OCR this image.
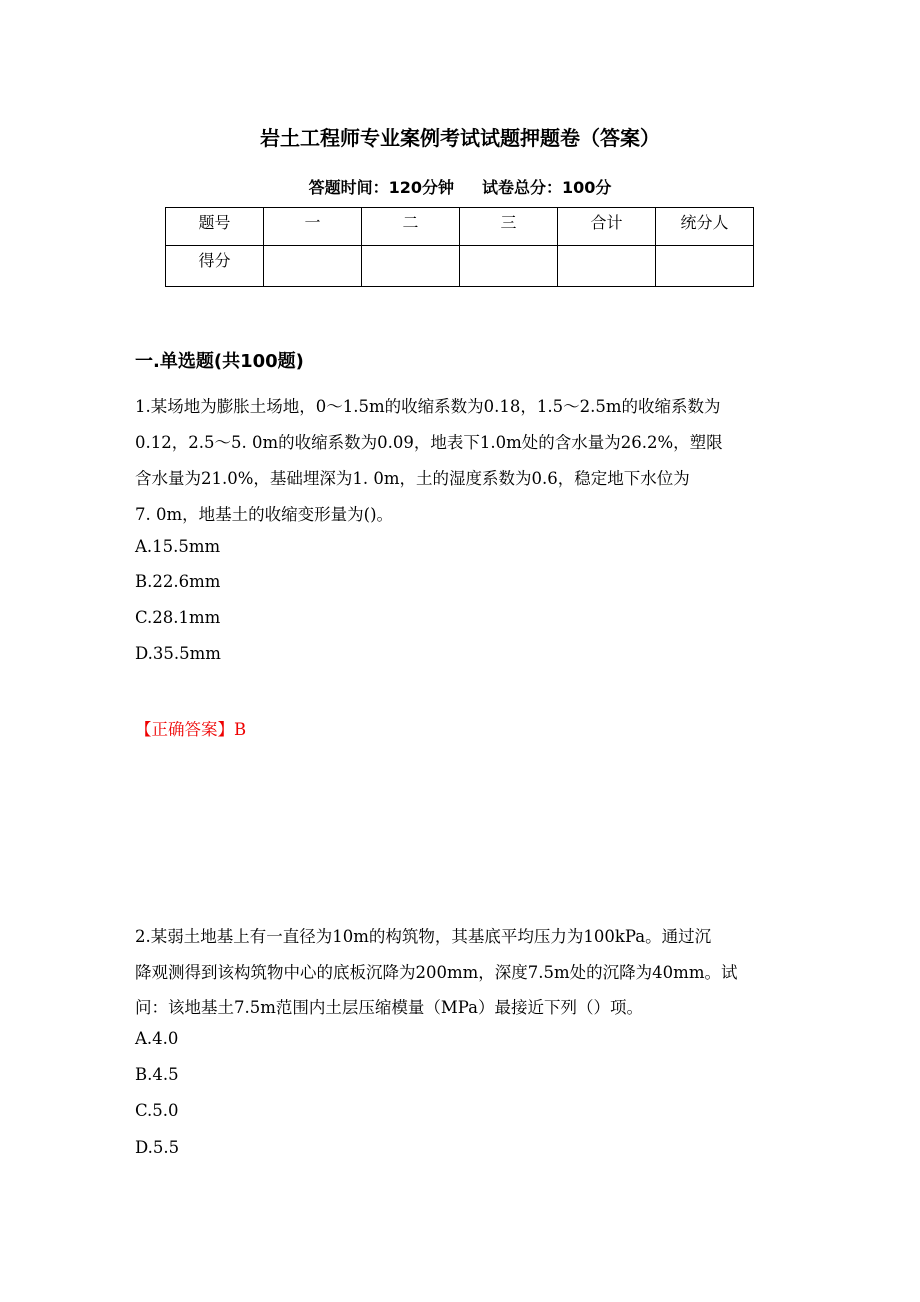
岩土工程师专业案例考试试题押题卷（答案）
答题时间：120分钟 试卷总分：100分
题号	一	二	三	合计	统分人
得分					
一.单选题(共100题)
1.某场地为膨胀土场地，0～1.5m的收缩系数为0.18，1.5～2.5m的收缩系数为
0.12，2.5～5. 0m的收缩系数为0.09，地表下1.0m处的含水量为26.2%，塑限
含水量为21.0%，基础埋深为1. 0m，土的湿度系数为0.6，稳定地下水位为
7. 0m，地基土的收缩变形量为()。
A.15.5mm
B.22.6mm
C.28.1mm
D.35.5mm
【正确答案】B
2.某弱土地基上有一直径为10m的构筑物，其基底平均压力为100kPa。通过沉
降观测得到该构筑物中心的底板沉降为200mm，深度7.5m处的沉降为40mm。试
问：该地基土7.5m范围内土层压缩模量（MPa）最接近下列（）项。
A.4.0
B.4.5
C.5.0
D.5.5
